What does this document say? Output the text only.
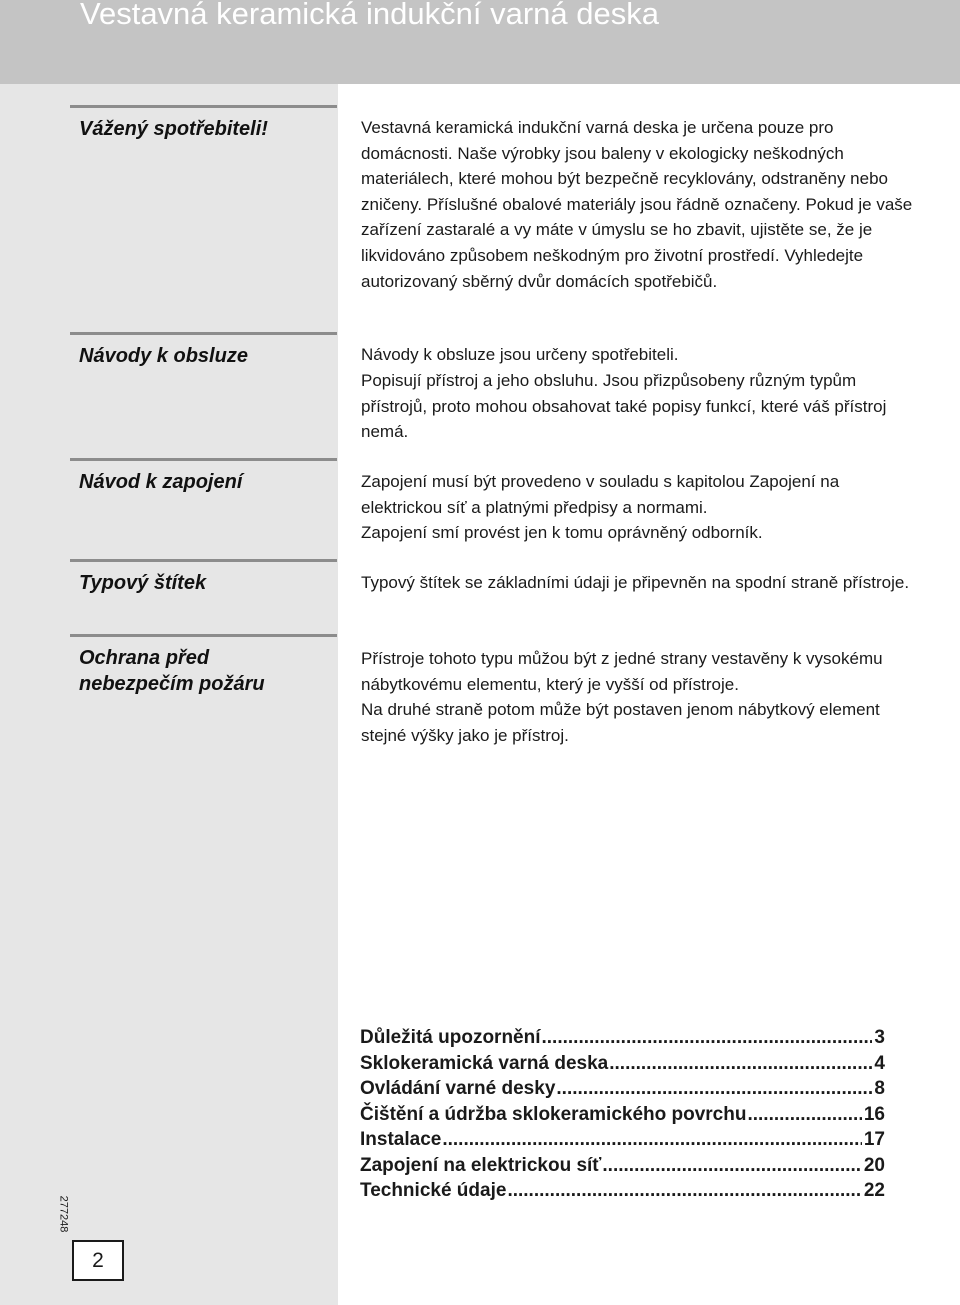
Vestavná keramická indukční varná deska

Vážený spotřebiteli!	Vestavná keramická indukční varná deska je určena pouze pro domácnosti. Naše výrobky jsou baleny v ekologicky neškodných materiálech, které mohou být bezpečně recyklovány, odstraněny nebo zničeny. Příslušné obalové materiály jsou řádně označeny. Pokud je vaše zařízení zastaralé a vy máte v úmyslu se ho zbavit, ujistěte se, že je likvidováno způsobem neškodným pro životní prostředí. Vyhledejte autorizovaný sběrný dvůr domácích spotřebičů.

Návody k obsluze	Návody k obsluze jsou určeny spotřebiteli.

Popisují přístroj a jeho obsluhu. Jsou přizpůsobeny různým typům přístrojů, proto mohou obsahovat také popisy funkcí, které váš přístroj nemá.

Návod k zapojení	Zapojení musí být provedeno v souladu s kapitolou Zapojení na elektrickou síť a platnými předpisy a normami.

Zapojení smí provést jen k tomu oprávněný odborník.

Typový štítek	Typový štítek se základními údaji je připevněn na spodní straně přístroje.

Ochrana před nebezpečím požáru

Přístroje tohoto typu můžou být z jedné strany vestavěny k vysokému nábytkovému elementu, který je vyšší od přístroje.

Na druhé straně potom může být postaven jenom nábytkový element stejné výšky jako je přístroj.

Důležitá upozornění .....	3
Sklokeramická varná deska .....	4
Ovládání varné desky .....	8
Čištění a údržba sklokeramického povrchu .....	16
Instalace .....	17
Zapojení na elektrickou síť .....	20
Technické údaje .....	22
277248
2
